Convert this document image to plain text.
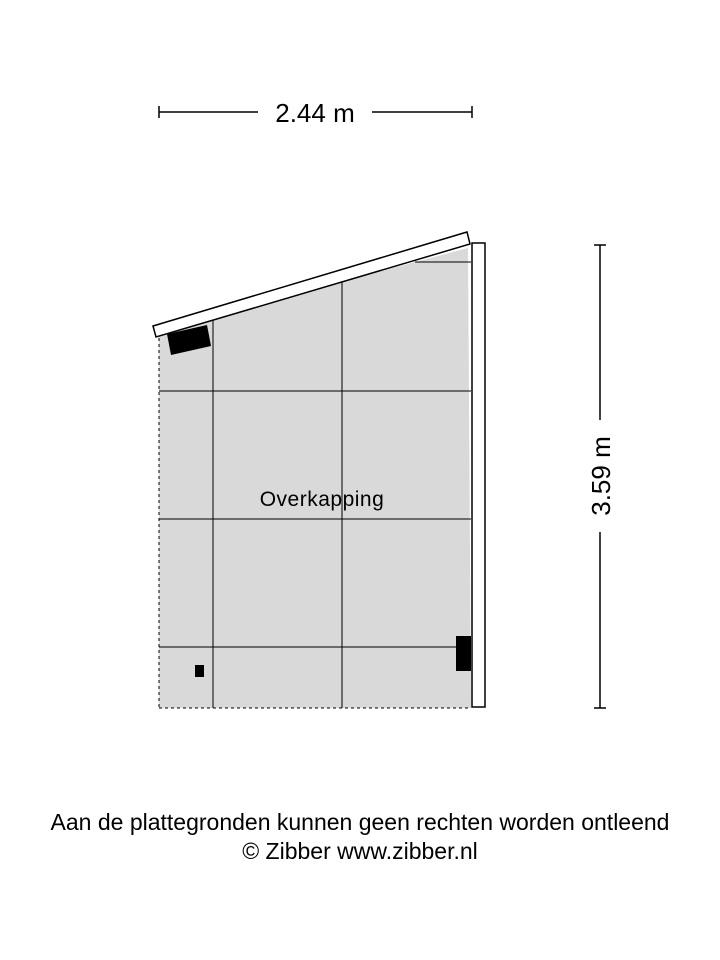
2.44 m
3.59 m
Overkapping
Aan de plattegronden kunnen geen rechten worden ontleend
© Zibber www.zibber.nl
